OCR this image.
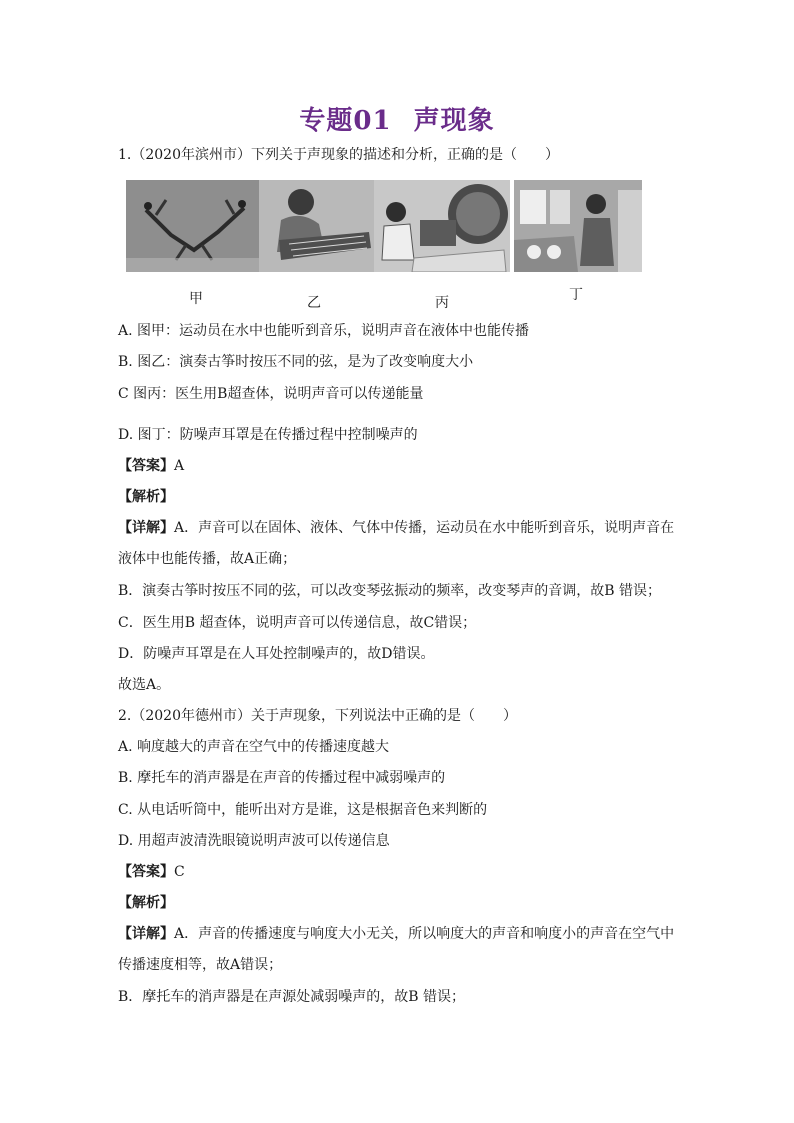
专题01 声现象
1.（2020年滨州市）下列关于声现象的描述和分析，正确的是（　　）
甲	乙	丙	丁
A. 图甲：运动员在水中也能听到音乐，说明声音在液体中也能传播
B. 图乙：演奏古筝时按压不同的弦，是为了改变响度大小
C 图丙：医生用B超查体，说明声音可以传递能量
D. 图丁：防噪声耳罩是在传播过程中控制噪声的
【答案】A
【解析】
【详解】A．声音可以在固体、液体、气体中传播，运动员在水中能听到音乐，说明声音在
液体中也能传播，故A正确；
B．演奏古筝时按压不同的弦，可以改变琴弦振动的频率，改变琴声的音调，故B 错误；
C．医生用B 超查体，说明声音可以传递信息，故C错误；
D．防噪声耳罩是在人耳处控制噪声的，故D错误。
故选A。
2.（2020年德州市）关于声现象，下列说法中正确的是（　　）
A. 响度越大的声音在空气中的传播速度越大
B. 摩托车的消声器是在声音的传播过程中减弱噪声的
C. 从电话听筒中，能听出对方是谁，这是根据音色来判断的
D. 用超声波清洗眼镜说明声波可以传递信息
【答案】C
【解析】
【详解】A．声音的传播速度与响度大小无关，所以响度大的声音和响度小的声音在空气中
传播速度相等，故A错误；
B．摩托车的消声器是在声源处减弱噪声的，故B 错误；
